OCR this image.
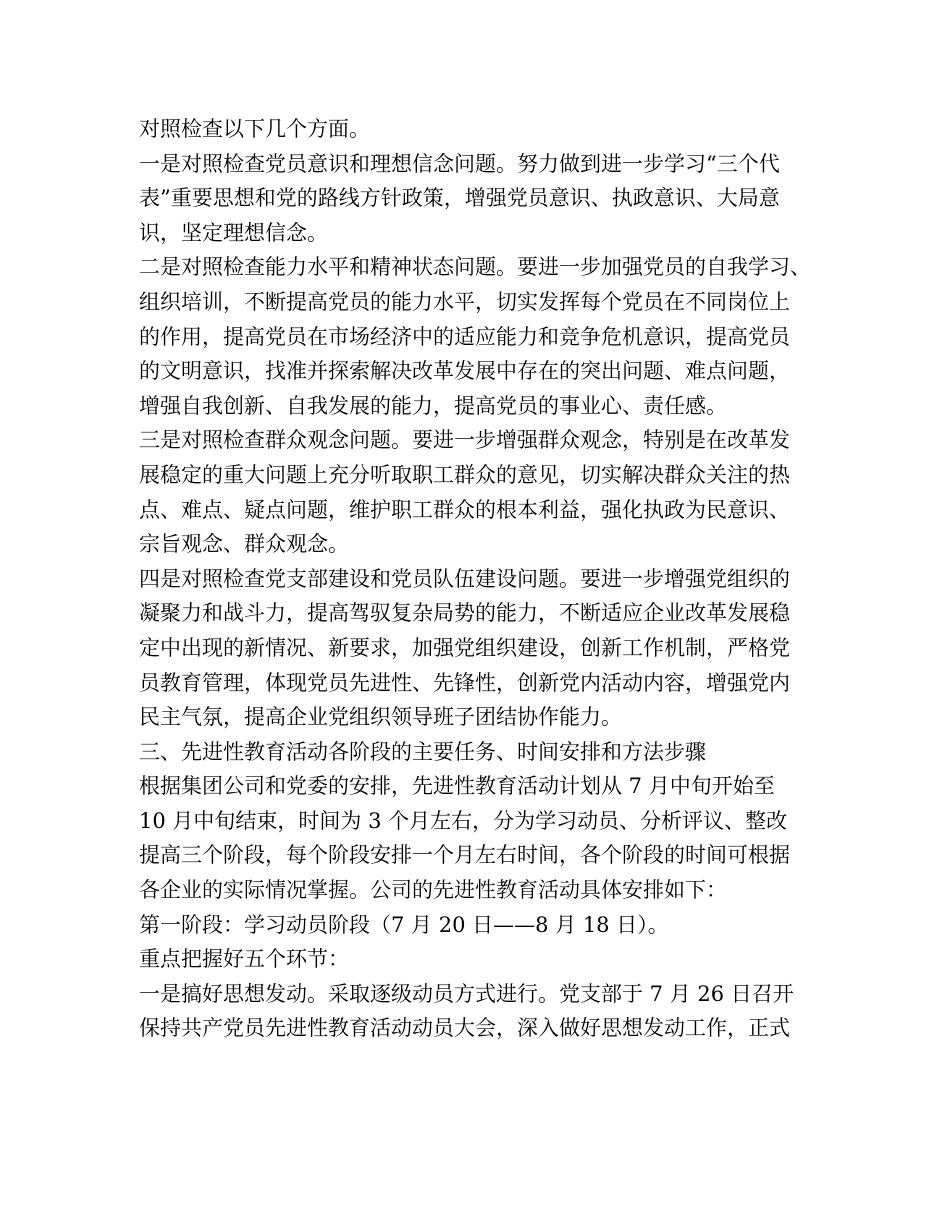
对照检查以下几个方面。
一是对照检查党员意识和理想信念问题。努力做到进一步学习“三个代
表”重要思想和党的路线方针政策，增强党员意识、执政意识、大局意
识，坚定理想信念。
二是对照检查能力水平和精神状态问题。要进一步加强党员的自我学习、
组织培训，不断提高党员的能力水平，切实发挥每个党员在不同岗位上
的作用，提高党员在市场经济中的适应能力和竞争危机意识，提高党员
的文明意识，找准并探索解决改革发展中存在的突出问题、难点问题，
增强自我创新、自我发展的能力，提高党员的事业心、责任感。
三是对照检查群众观念问题。要进一步增强群众观念，特别是在改革发
展稳定的重大问题上充分听取职工群众的意见，切实解决群众关注的热
点、难点、疑点问题，维护职工群众的根本利益，强化执政为民意识、
宗旨观念、群众观念。
四是对照检查党支部建设和党员队伍建设问题。要进一步增强党组织的
凝聚力和战斗力，提高驾驭复杂局势的能力，不断适应企业改革发展稳
定中出现的新情况、新要求，加强党组织建设，创新工作机制，严格党
员教育管理，体现党员先进性、先锋性，创新党内活动内容，增强党内
民主气氛，提高企业党组织领导班子团结协作能力。
三、先进性教育活动各阶段的主要任务、时间安排和方法步骤
根据集团公司和党委的安排，先进性教育活动计划从 7 月中旬开始至
10 月中旬结束，时间为 3 个月左右，分为学习动员、分析评议、整改
提高三个阶段，每个阶段安排一个月左右时间，各个阶段的时间可根据
各企业的实际情况掌握。公司的先进性教育活动具体安排如下：
第一阶段：学习动员阶段（7 月 20 日——8 月 18 日）。
重点把握好五个环节：
一是搞好思想发动。采取逐级动员方式进行。党支部于 7 月 26 日召开
保持共产党员先进性教育活动动员大会，深入做好思想发动工作，正式
